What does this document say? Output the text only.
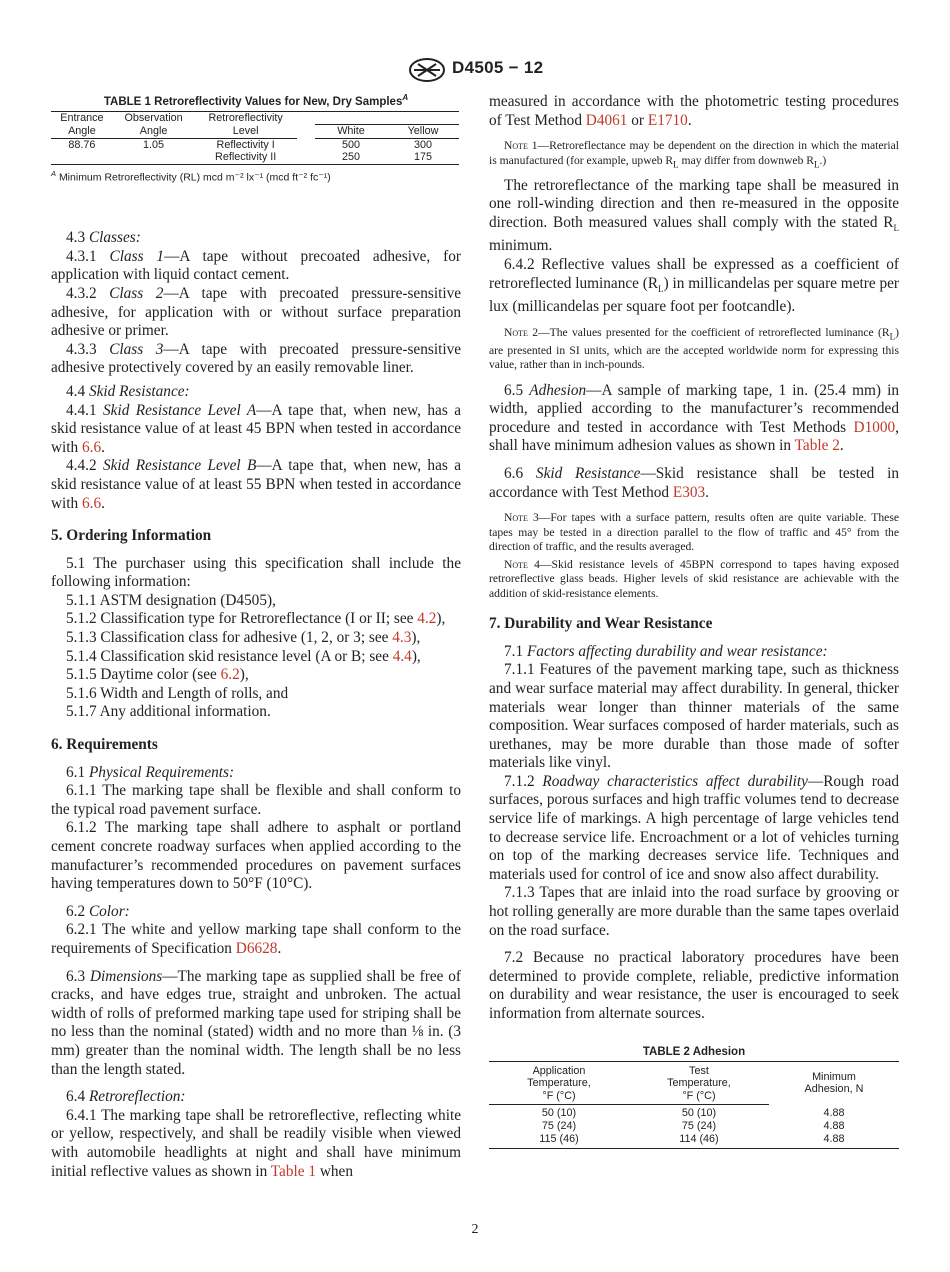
D4505 − 12
TABLE 1 Retroreflectivity Values for New, Dry Samples$^A$
Entrance	Observation	Retroreflectivity			
Angle	Angle	Level		White	Yellow
88.76	1.05	Reflectivity I		500	300
		Reflectivity II		250	175
$^A$ Minimum Retroreflectivity (RL) mcd m⁻² lx⁻¹ (mcd ft⁻² fc⁻¹)

4.3 Classes:

4.3.1 Class 1—A tape without precoated adhesive, for application with liquid contact cement.

4.3.2 Class 2—A tape with precoated pressure-sensitive adhesive, for application with or without surface preparation adhesive or primer.

4.3.3 Class 3—A tape with precoated pressure-sensitive adhesive protectively covered by an easily removable liner.

4.4 Skid Resistance:

4.4.1 Skid Resistance Level A—A tape that, when new, has a skid resistance value of at least 45 BPN when tested in accordance with 6.6.

4.4.2 Skid Resistance Level B—A tape that, when new, has a skid resistance value of at least 55 BPN when tested in accordance with 6.6.

5. Ordering Information

5.1 The purchaser using this specification shall include the following information:

5.1.1 ASTM designation (D4505),

5.1.2 Classification type for Retroreflectance (I or II; see 4.2),

5.1.3 Classification class for adhesive (1, 2, or 3; see 4.3),

5.1.4 Classification skid resistance level (A or B; see 4.4),

5.1.5 Daytime color (see 6.2),

5.1.6 Width and Length of rolls, and

5.1.7 Any additional information.

6. Requirements

6.1 Physical Requirements:

6.1.1 The marking tape shall be flexible and shall conform to the typical road pavement surface.

6.1.2 The marking tape shall adhere to asphalt or portland cement concrete roadway surfaces when applied according to the manufacturer’s recommended procedures on pavement surfaces having temperatures down to 50°F (10°C).

6.2 Color:

6.2.1 The white and yellow marking tape shall conform to the requirements of Specification D6628.

6.3 Dimensions—The marking tape as supplied shall be free of cracks, and have edges true, straight and unbroken. The actual width of rolls of preformed marking tape used for striping shall be no less than the nominal (stated) width and no more than ⅛ in. (3 mm) greater than the nominal width. The length shall be no less than the length stated.

6.4 Retroreflection:

6.4.1 The marking tape shall be retroreflective, reflecting white or yellow, respectively, and shall be readily visible when viewed with automobile headlights at night and shall have minimum initial reflective values as shown in Table 1 when

measured in accordance with the photometric testing procedures of Test Method D4061 or E1710.

Note 1—Retroreflectance may be dependent on the direction in which the material is manufactured (for example, upweb $R_L$ may differ from downweb $R_L$.)

The retroreflectance of the marking tape shall be measured in one roll-winding direction and then re-measured in the opposite direction. Both measured values shall comply with the stated $R_L$ minimum.

6.4.2 Reflective values shall be expressed as a coefficient of retroreflected luminance $(R_L)$ in millicandelas per square metre per lux (millicandelas per square foot per footcandle).

Note 2—The values presented for the coefficient of retroreflected luminance $(R_L)$ are presented in SI units, which are the accepted worldwide norm for expressing this value, rather than in inch-pounds.

6.5 Adhesion—A sample of marking tape, 1 in. (25.4 mm) in width, applied according to the manufacturer’s recommended procedure and tested in accordance with Test Methods D1000, shall have minimum adhesion values as shown in Table 2.

6.6 Skid Resistance—Skid resistance shall be tested in accordance with Test Method E303.

Note 3—For tapes with a surface pattern, results often are quite variable. These tapes may be tested in a direction parallel to the flow of traffic and 45° from the direction of traffic, and the results averaged.

Note 4—Skid resistance levels of 45BPN correspond to tapes having exposed retroreflective glass beads. Higher levels of skid resistance are achievable with the addition of skid-resistance elements.

7. Durability and Wear Resistance

7.1 Factors affecting durability and wear resistance:

7.1.1 Features of the pavement marking tape, such as thickness and wear surface material may affect durability. In general, thicker materials wear longer than thinner materials of the same composition. Wear surfaces composed of harder materials, such as urethanes, may be more durable than those made of softer materials like vinyl.

7.1.2 Roadway characteristics affect durability—Rough road surfaces, porous surfaces and high traffic volumes tend to decrease service life of markings. A high percentage of large vehicles tend to decrease service life. Encroachment or a lot of vehicles turning on top of the marking decreases service life. Techniques and materials used for control of ice and snow also affect durability.

7.1.3 Tapes that are inlaid into the road surface by grooving or hot rolling generally are more durable than the same tapes overlaid on the road surface.

7.2 Because no practical laboratory procedures have been determined to provide complete, reliable, predictive information on durability and wear resistance, the user is encouraged to seek information from alternate sources.

TABLE 2 Adhesion
Application	Test	Minimum
Adhesion, N
Temperature,	Temperature,	
°F (°C)	°F (°C)	
50 (10)	50 (10)	4.88
75 (24)	75 (24)	4.88
115 (46)	114 (46)	4.88
2
